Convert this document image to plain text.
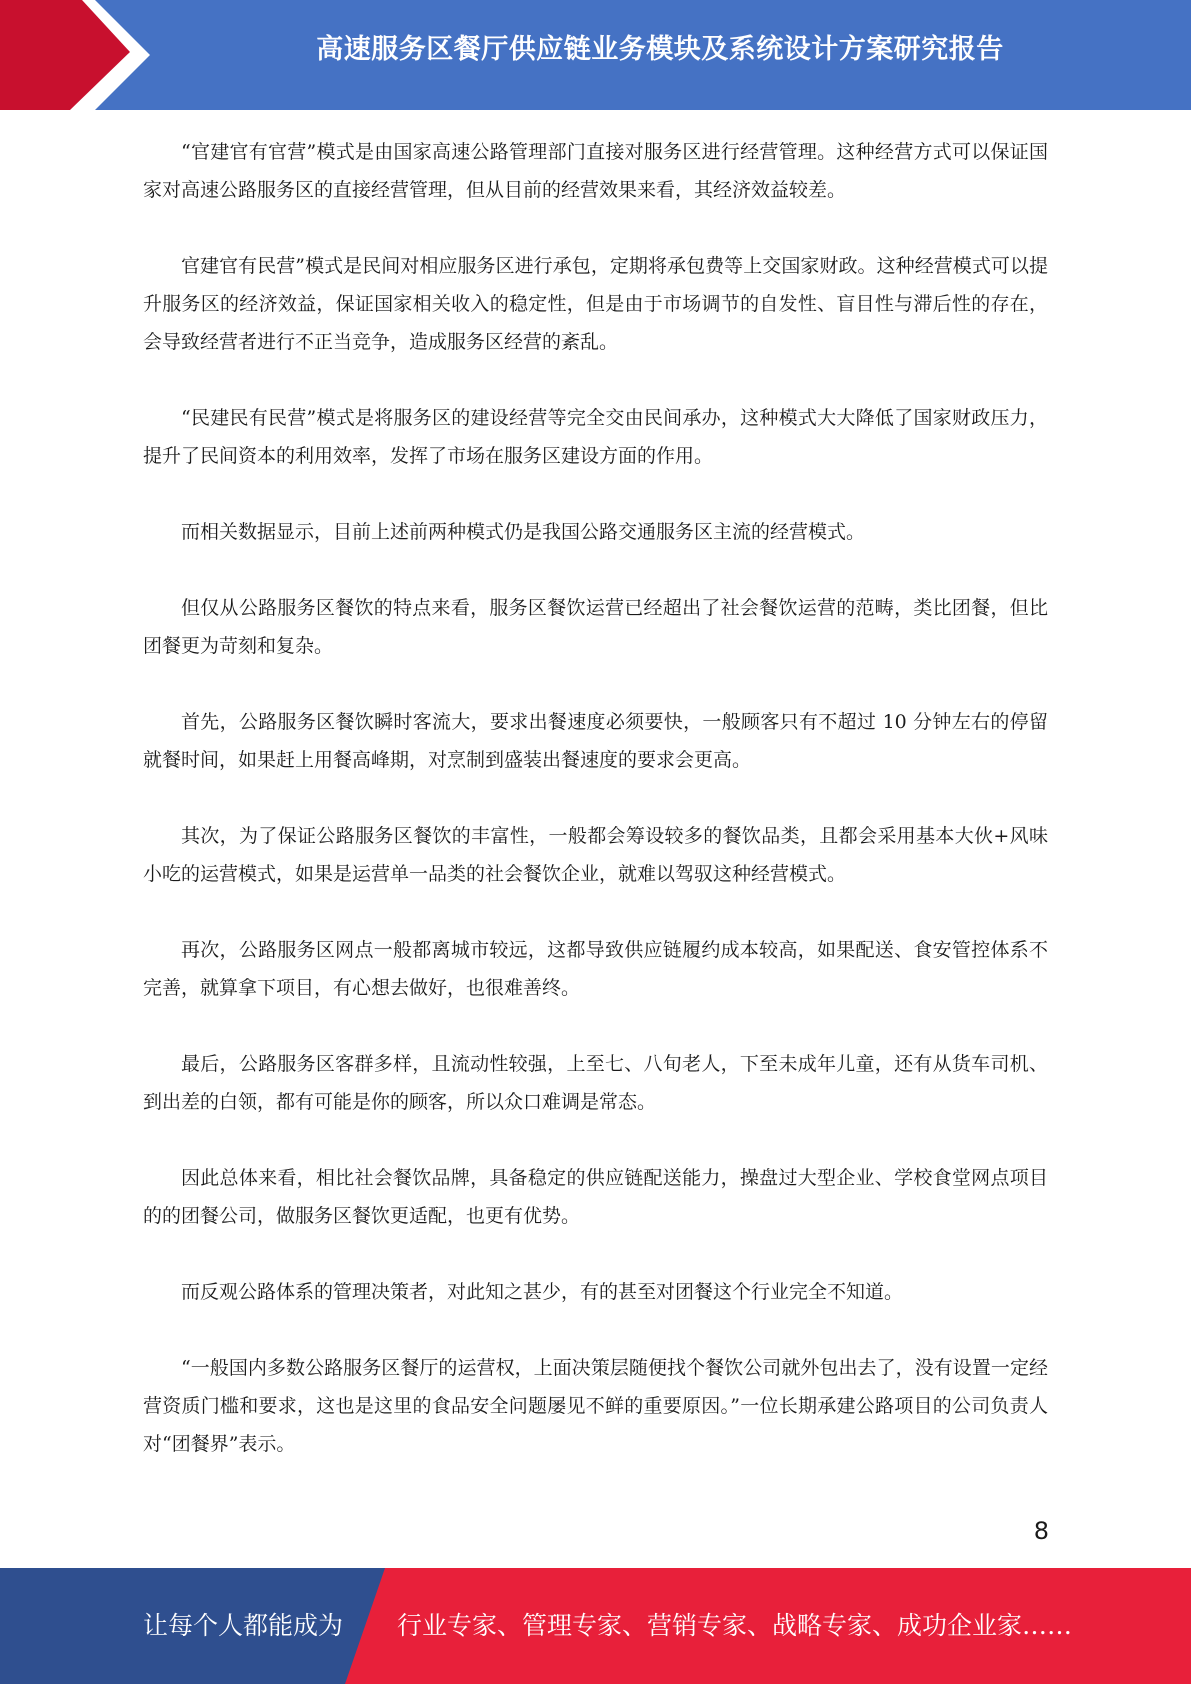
高速服务区餐厅供应链业务模块及系统设计方案研究报告

“官建官有官营”模式是由国家高速公路管理部门直接对服务区进行经营管理。这种经营方式可以保证国家对高速公路服务区的直接经营管理，但从目前的经营效果来看，其经济效益较差。

官建官有民营”模式是民间对相应服务区进行承包，定期将承包费等上交国家财政。这种经营模式可以提升服务区的经济效益，保证国家相关收入的稳定性，但是由于市场调节的自发性、盲目性与滞后性的存在，会导致经营者进行不正当竞争，造成服务区经营的紊乱。

“民建民有民营”模式是将服务区的建设经营等完全交由民间承办，这种模式大大降低了国家财政压力，提升了民间资本的利用效率，发挥了市场在服务区建设方面的作用。

而相关数据显示，目前上述前两种模式仍是我国公路交通服务区主流的经营模式。

但仅从公路服务区餐饮的特点来看，服务区餐饮运营已经超出了社会餐饮运营的范畴，类比团餐，但比团餐更为苛刻和复杂。

首先，公路服务区餐饮瞬时客流大，要求出餐速度必须要快，一般顾客只有不超过 10 分钟左右的停留就餐时间，如果赶上用餐高峰期，对烹制到盛装出餐速度的要求会更高。

其次，为了保证公路服务区餐饮的丰富性，一般都会筹设较多的餐饮品类，且都会采用基本大伙+风味小吃的运营模式，如果是运营单一品类的社会餐饮企业，就难以驾驭这种经营模式。

再次，公路服务区网点一般都离城市较远，这都导致供应链履约成本较高，如果配送、食安管控体系不完善，就算拿下项目，有心想去做好，也很难善终。

最后，公路服务区客群多样，且流动性较强，上至七、八旬老人，下至未成年儿童，还有从货车司机、到出差的白领，都有可能是你的顾客，所以众口难调是常态。

因此总体来看，相比社会餐饮品牌，具备稳定的供应链配送能力，操盘过大型企业、学校食堂网点项目的的团餐公司，做服务区餐饮更适配，也更有优势。

而反观公路体系的管理决策者，对此知之甚少，有的甚至对团餐这个行业完全不知道。

“一般国内多数公路服务区餐厅的运营权，上面决策层随便找个餐饮公司就外包出去了，没有设置一定经营资质门槛和要求，这也是这里的食品安全问题屡见不鲜的重要原因。”一位长期承建公路项目的公司负责人对“团餐界”表示。

8
让每个人都能成为 行业专家、管理专家、营销专家、战略专家、成功企业家……
